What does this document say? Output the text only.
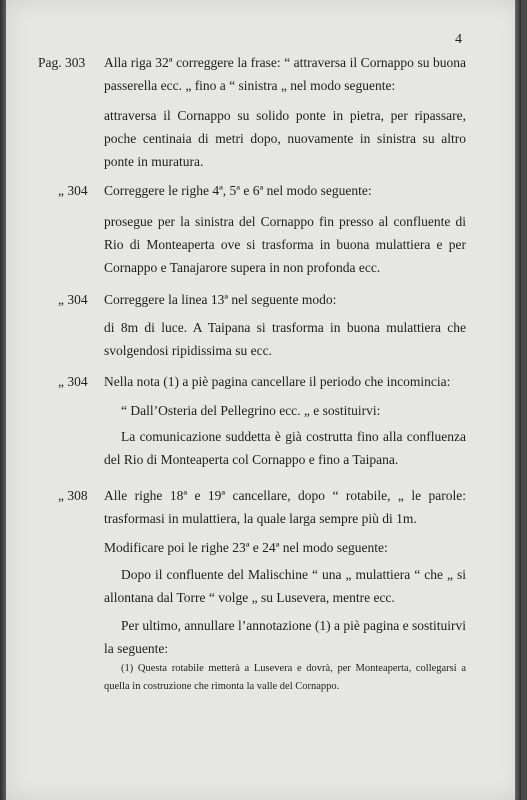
4
Pag. 303 Alla riga 32ª correggere la frase: “ attraversa il Cornappo su buona passerella ecc. „ fino a “ sinistra „ nel modo seguente:
attraversa il Cornappo su solido ponte in pietra, per ripassare, poche centinaia di metri dopo, nuovamente in sinistra su altro ponte in muratura.
„ 304 Correggere le righe 4ª, 5ª e 6ª nel modo seguente:
prosegue per la sinistra del Cornappo fin presso al confluente di Rio di Monteaperta ove si trasforma in buona mulattiera e per Cornappo e Tanajarore supera in non profonda ecc.
„ 304 Correggere la linea 13ª nel seguente modo:
di 8m di luce. A Taipana si trasforma in buona mulattiera che svolgendosi ripidissima su ecc.
„ 304 Nella nota (1) a piè pagina cancellare il periodo che incomincia:
“ Dall’Osteria del Pellegrino ecc. „ e sostituirvi:
La comunicazione suddetta è già costrutta fino alla confluenza del Rio di Monteaperta col Cornappo e fino a Taipana.
„ 308 Alle righe 18ª e 19ª cancellare, dopo “ rotabile, „ le parole: trasformasi in mulattiera, la quale larga sempre più di 1m.
Modificare poi le righe 23ª e 24ª nel modo seguente:
Dopo il confluente del Malischine “ una „ mulattiera “ che „ si allontana dal Torre “ volge „ su Lusevera, mentre ecc.
Per ultimo, annullare l’annotazione (1) a piè pagina e sostituirvi la seguente:
(1) Questa rotabile metterà a Lusevera e dovrà, per Monteaperta, collegarsi a quella in costruzione che rimonta la valle del Cornappo.
